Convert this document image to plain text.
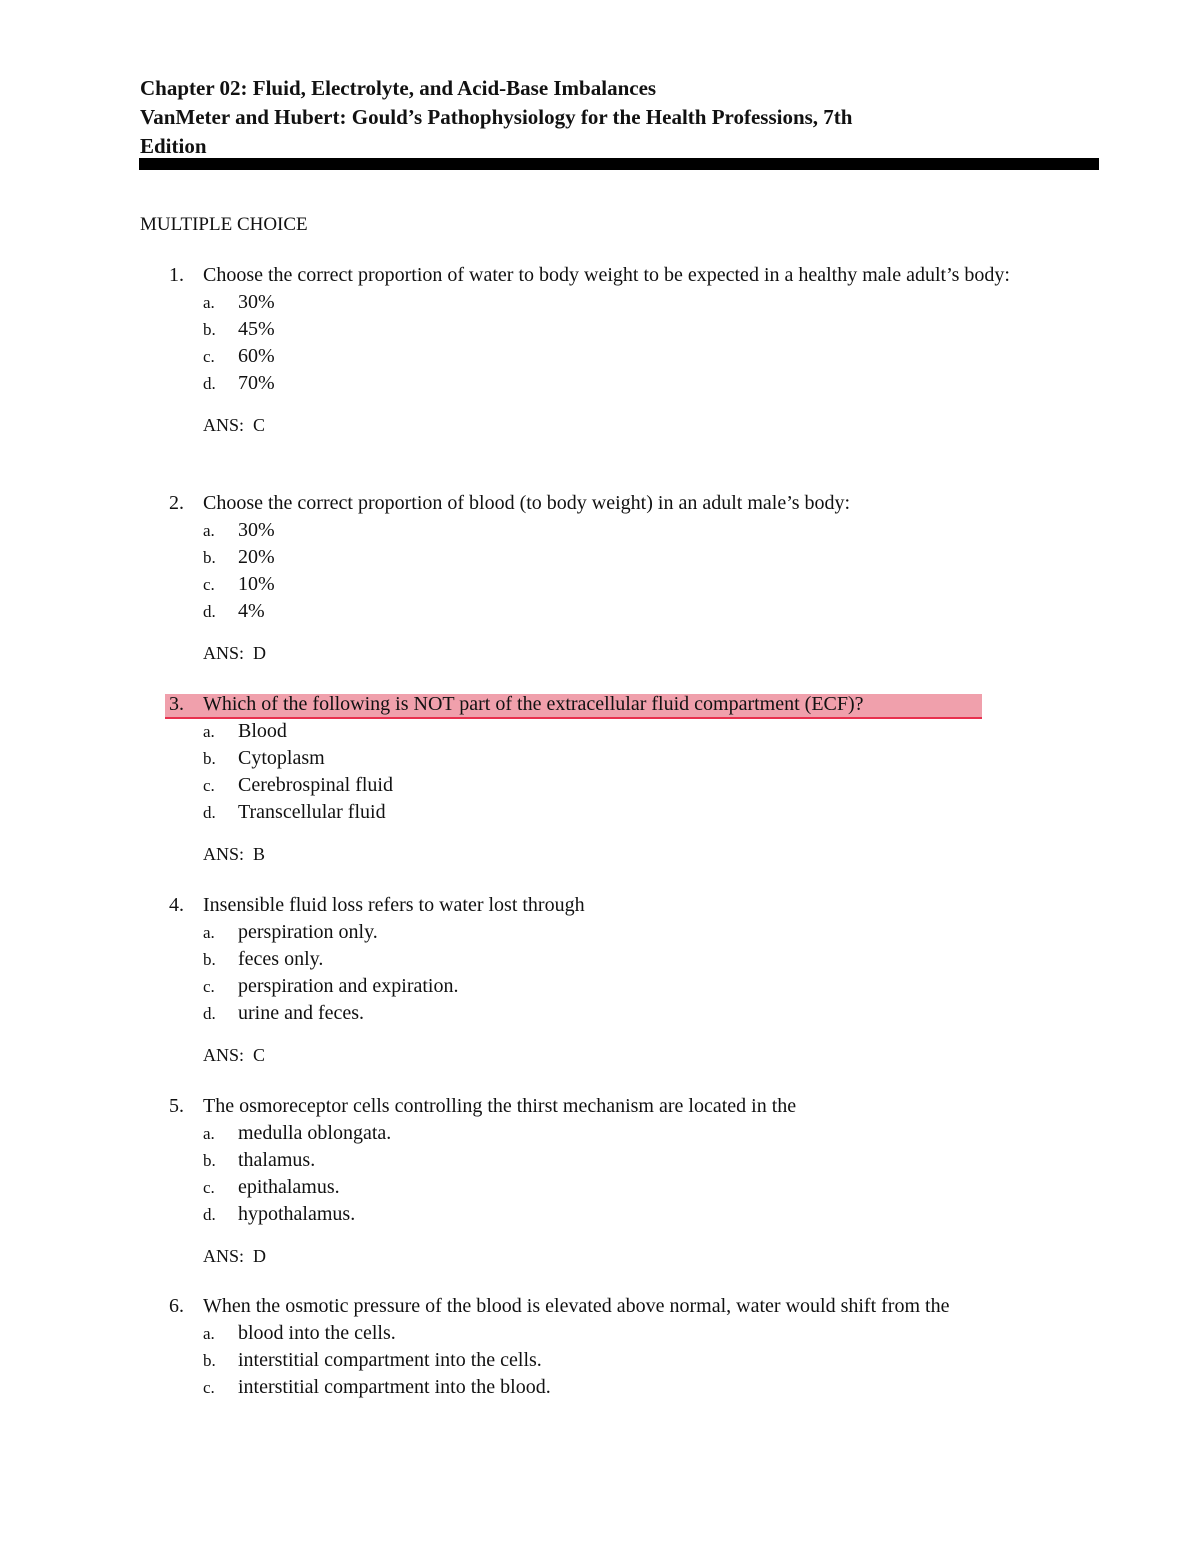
Chapter 02: Fluid, Electrolyte, and Acid-Base Imbalances
VanMeter and Hubert: Gould’s Pathophysiology for the Health Professions, 7th
Edition
MULTIPLE CHOICE
1. Choose the correct proportion of water to body weight to be expected in a healthy male adult’s body:
a. 30%
b. 45%
c. 60%
d. 70%
ANS:  C
2. Choose the correct proportion of blood (to body weight) in an adult male’s body:
a. 30%
b. 20%
c. 10%
d. 4%
ANS:  D
3. Which of the following is NOT part of the extracellular fluid compartment (ECF)?
a. Blood
b. Cytoplasm
c. Cerebrospinal fluid
d. Transcellular fluid
ANS:  B
4. Insensible fluid loss refers to water lost through
a. perspiration only.
b. feces only.
c. perspiration and expiration.
d. urine and feces.
ANS:  C
5. The osmoreceptor cells controlling the thirst mechanism are located in the
a. medulla oblongata.
b. thalamus.
c. epithalamus.
d. hypothalamus.
ANS:  D
6. When the osmotic pressure of the blood is elevated above normal, water would shift from the
a. blood into the cells.
b. interstitial compartment into the cells.
c. interstitial compartment into the blood.
